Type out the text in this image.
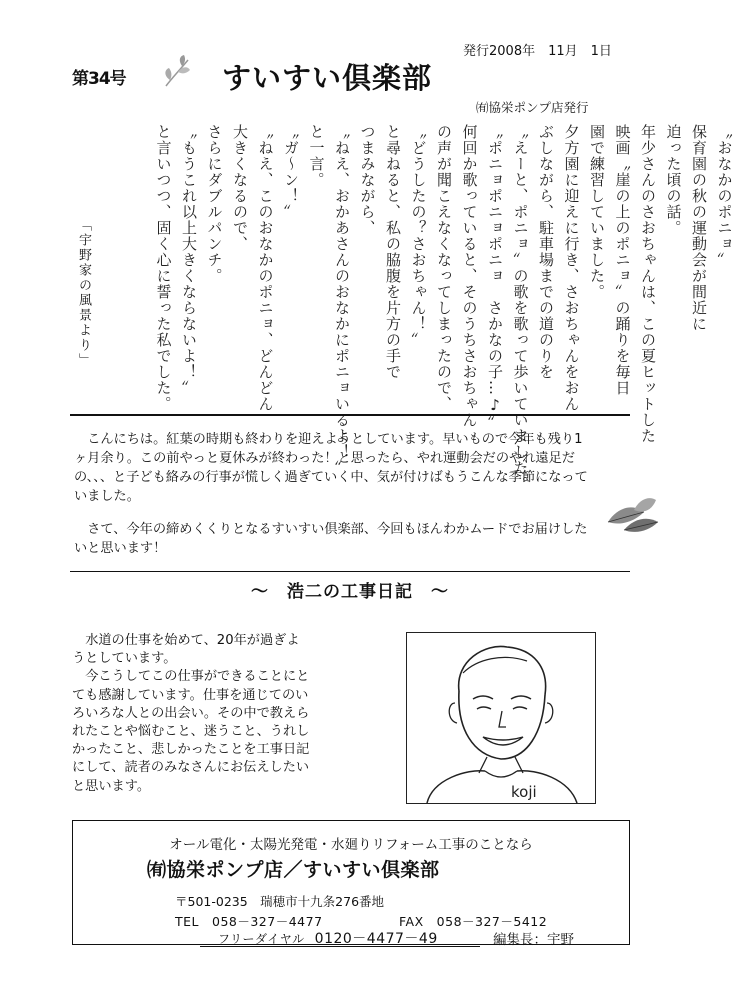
第34号	すいすい倶楽部
発行2008年　11月　1日
㈲協栄ポンプ店発行
「宇野家の風景より」
〝おなかのポニョ〟
保育園の秋の運動会が間近に
迫った頃の話。
年少さんのさおちゃんは、この夏ヒットした
映画〝崖の上のポニョ〟の踊りを毎日
園で練習していました。
夕方園に迎えに行き、さおちゃんをおん
ぶしながら、駐車場までの道のりを
〝えーと、ポニョ〟の歌を歌って歩いていました。
〝ポニョポニョポニョ　さかなの子…♪〟
何回か歌っていると、そのうちさおちゃん
の声が聞こえなくなってしまったので、
〝どうしたの？さおちゃん！〟
と尋ねると、私の脇腹を片方の手で
つまみながら、
〝ねえ、おかあさんのおなかにポニョいるよ！〟
と一言。
〝ガ～ン！〟
〝ねえ、このおなかのポニョ、どんどん
大きくなるので、
さらにダブルパンチ。
〝もうこれ以上大きくならないよ！〟
と言いつつ、固く心に誓った私でした。

こんにちは。紅葉の時期も終わりを迎えようとしています。早いもので今年も残り1ヶ月余り。この前やっと夏休みが終わった！と思ったら、やれ運動会だのやれ遠足だの、、、と子ども絡みの行事が慌しく過ぎていく中、気が付けばもうこんな季節になっていました。

さて、今年の締めくくりとなるすいすい倶楽部、今回もほんわかムードでお届けしたいと思います！

～　浩二の工事日記　～

水道の仕事を始めて、20年が過ぎようとしています。

今こうしてこの仕事ができることにとても感謝しています。仕事を通じてのいろいろな人との出会い。その中で教えられたことや悩むこと、迷うこと、うれしかったこと、悲しかったことを工事日記にして、読者のみなさんにお伝えしたいと思います。	koji
オール電化・太陽光発電・水廻りリフォーム工事のことなら
㈲協栄ポンプ店／すいすい倶楽部
〒501-0235　瑞穂市十九条276番地
TEL　058－327－4477	FAX　058－327－5412
フリーダイヤル 0120－4477－49	編集長：宇野
